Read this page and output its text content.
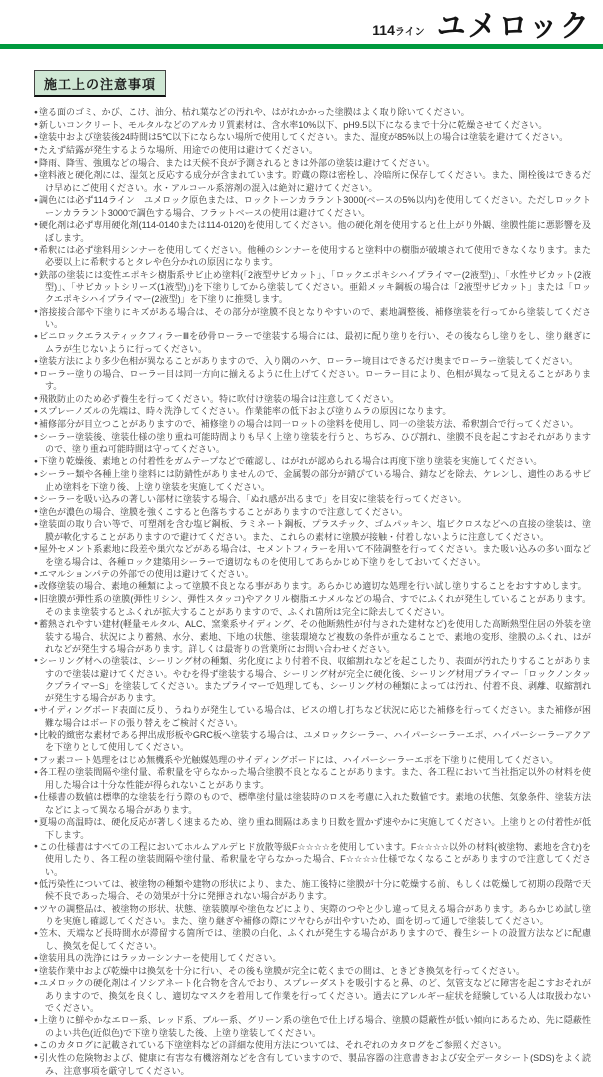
114ライン ユメロック
施工上の注意事項
●塗る面のゴミ、かび、こけ、油分、枯れ葉などの汚れや、はがれかかった塗膜はよく取り除いてください。
●新しいコンクリート、モルタルなどのアルカリ質素材は、含水率10%以下、pH9.5以下になるまで十分に乾燥させてください。
●塗装中および塗装後24時間は5℃以下にならない場所で使用してください。また、湿度が85%以上の場合は塗装を避けてください。
●たえず結露が発生するような場所、用途での使用は避けてください。
●降雨、降雪、強風などの場合、または天候不良が予測されるときは外部の塗装は避けてください。
●塗料液と硬化剤には、湿気と反応する成分が含まれています。貯蔵の際は密栓し、冷暗所に保存してください。また、開栓後はできるだけ早めにご使用ください。水・アルコール系溶剤の混入は絶対に避けてください。
●調色には必ず114ライン　ユメロック原色または、ロックトーンカララント3000(ベースの5%以内)を使用してください。ただしロックトーンカララント3000で調色する場合、フラットベースの使用は避けてください。
●硬化剤は必ず専用硬化剤(114-0140または114-0120)を使用してください。他の硬化剤を使用すると仕上がり外観、塗膜性能に悪影響を及ぼします。
●希釈には必ず塗料用シンナーを使用してください。他種のシンナーを使用すると塗料中の樹脂が破壊されて使用できなくなります。また必要以上に希釈するとタレや色分かれの原因になります。
●鉄部の塗装には変性エポキシ樹脂系サビ止め塗料(「2液型サビカット」、「ロックエポキシハイプライマー(2液型)」、「水性サビカット(2液型)」、「サビカットシリーズ(1液型)」)を下塗りしてから塗装してください。亜鉛メッキ鋼板の場合は「2液型サビカット」または「ロックエポキシハイプライマー(2液型)」を下塗りに推奨します。
●溶接接合部や下塗りにキズがある場合は、その部分が塗膜不良となりやすいので、素地調整後、補修塗装を行ってから塗装してください。
●ビニロックエラスティックフィラーⅢを砂骨ローラーで塗装する場合には、最初に配り塗りを行い、その後ならし塗りをし、塗り継ぎにムラが生じないように行ってください。
●塗装方法により多少色相が異なることがありますので、入り隅のハケ、ローラー境目はできるだけ奥までローラー塗装してください。
●ローラー塗りの場合、ローラー目は同一方向に揃えるように仕上げてください。ローラー目により、色相が異なって見えることがあります。
●飛散防止のため必ず養生を行ってください。特に吹付け塗装の場合は注意してください。
●スプレーノズルの先端は、時々洗浄してください。作業能率の低下および塗りムラの原因になります。
●補修部分が目立つことがありますので、補修塗りの場合は同一ロットの塗料を使用し、同一の塗装方法、希釈割合で行ってください。
●シーラー塗装後、塗装仕様の塗り重ね可能時間よりも早く上塗り塗装を行うと、ちぢみ、ひび割れ、塗膜不良を起こすおそれがありますので、塗り重ね可能時間は守ってください。
●下塗り乾燥後、素地との付着性をガムテープなどで確認し、はがれが認められる場合は再度下塗り塗装を実施してください。
●シーラー類や各種上塗り塗料には防錆性がありませんので、金属製の部分が錆びている場合、錆などを除去、ケレンし、適性のあるサビ止め塗料を下塗り後、上塗り塗装を実施してください。
●シーラーを吸い込みの著しい部材に塗装する場合、「ぬれ感が出るまで」を目安に塗装を行ってください。
●塗色が濃色の場合、塗膜を強くこすると色落ちすることがありますので注意してください。
●塗装面の取り合い等で、可塑剤を含む塩ビ鋼板、ラミネート鋼板、プラスチック、ゴムパッキン、塩ビクロスなどへの直接の塗装は、塗膜が軟化することがありますので避けてください。また、これらの素材に塗膜が接触・付着しないように注意してください。
●屋外セメント系素地に段差や巣穴などがある場合は、セメントフィラーを用いて不陸調整を行ってください。また吸い込みの多い面などを塗る場合は、各種ロック建築用シーラーで適切なものを使用してあらかじめ下塗りをしておいてください。
●エマルションパテの外部での使用は避けてください。
●改修塗装の場合、素地の種類によって塗膜不良となる事があります。あらかじめ適切な処理を行い試し塗りすることをおすすめします。
●旧塗膜が弾性系の塗膜(弾性リシン、弾性スタッコ)やアクリル樹脂エナメルなどの場合、すでにふくれが発生していることがあります。そのまま塗装するとふくれが拡大することがありますので、ふくれ箇所は完全に除去してください。
●蓄熱されやすい建材(軽量モルタル、ALC、窯業系サイディング、その他断熱性が付与された建材など)を使用した高断熱型住居の外装を塗装する場合、状況により蓄熱、水分、素地、下地の状態、塗装環境など複数の条件が重なることで、素地の変形、塗膜のふくれ、はがれなどが発生する場合があります。詳しくは最寄りの営業所にお問い合わせください。
●シーリング材への塗装は、シーリング材の種類、劣化度により付着不良、収縮割れなどを起こしたり、表面が汚れたりすることがありますので塗装は避けてください。やむを得ず塗装する場合、シーリング材が完全に硬化後、シーリング材用プライマー「ロックノンタックプライマーS」を塗装してください。またプライマーで処理しても、シーリング材の種類によっては汚れ、付着不良、剥離、収縮割れが発生する場合があります。
●サイディングボード表面に反り、うねりが発生している場合は、ビスの増し打ちなど状況に応じた補修を行ってください。また補修が困難な場合はボードの張り替えをご検討ください。
●比較的緻密な素材である押出成形板やGRC板へ塗装する場合は、ユメロックシーラー、ハイパーシーラーエポ、ハイパーシーラーアクアを下塗りとして使用してください。
●フッ素コート処理をはじめ無機系や光触媒処理のサイディングボードには、ハイパーシーラーエポを下塗りに使用してください。
●各工程の塗装間隔や塗付量、希釈量を守らなかった場合塗膜不良となることがあります。また、各工程において当社指定以外の材料を使用した場合は十分な性能が得られないことがあります。
●仕様書の数値は標準的な塗装を行う際のもので、標準塗付量は塗装時のロスを考慮に入れた数値です。素地の状態、気象条件、塗装方法などによって異なる場合があります。
●夏場の高温時は、硬化反応が著しく速まるため、塗り重ね間隔はあまり日数を置かず速やかに実施してください。上塗りとの付着性が低下します。
●この仕様書はすべての工程においてホルムアルデヒド放散等級F☆☆☆☆を使用しています。F☆☆☆☆以外の材料(被塗物、素地を含む)を使用したり、各工程の塗装間隔や塗付量、希釈量を守らなかった場合、F☆☆☆☆仕様でなくなることがありますので注意してください。
●低汚染性については、被塗物の種類や建物の形状により、また、施工後特に塗膜が十分に乾燥する前、もしくは乾燥して初期の段階で天候不良であった場合、その効果が十分に発揮されない場合があります。
●ツヤの調整品は、被塗物の形状、状態、塗装膜厚や塗色などにより、実際のつやと少し違って見える場合があります。あらかじめ試し塗りを実施し確認してください。また、塗り継ぎや補修の際にツヤむらが出やすいため、面を切って通しで塗装してください。
●笠木、天端など長時間水が滞留する箇所では、塗膜の白化、ふくれが発生する場合がありますので、養生シートの設置方法などに配慮し、換気を促してください。
●塗装用具の洗浄にはラッカーシンナーを使用してください。
●塗装作業中および乾燥中は換気を十分に行い、その後も塗膜が完全に乾くまでの間は、ときどき換気を行ってください。
●ユメロックの硬化剤はイソシアネート化合物を含んでおり、スプレーダストを吸引すると鼻、のど、気管支などに障害を起こすおそれがありますので、換気を良くし、適切なマスクを着用して作業を行ってください。過去にアレルギー症状を経験している人は取扱わないでください。
●上塗りに鮮やかなエロー系、レッド系、ブルー系、グリーン系の塗色で仕上げる場合、塗膜の隠蔽性が低い傾向にあるため、先に隠蔽性のよい共色(近似色)で下塗り塗装した後、上塗り塗装してください。
●このカタログに記載されている下塗塗料などの詳細な使用方法については、それぞれのカタログをご参照ください。
●引火性の危険物および、健康に有害な有機溶剤などを含有していますので、製品容器の注意書きおよび安全データシート(SDS)をよく読み、注意事項を厳守してください。
